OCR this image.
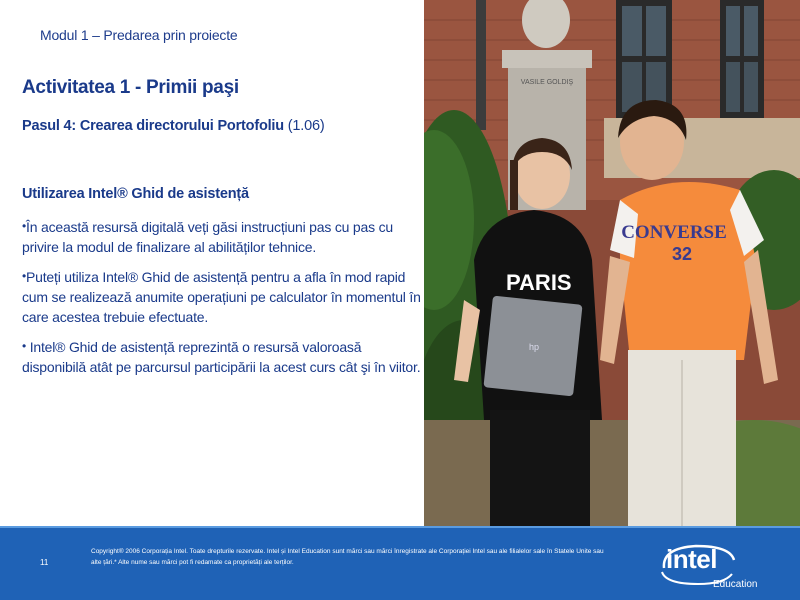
Modul 1 – Predarea prin proiecte
Activitatea 1 - Primii paşi
Pasul 4: Crearea directorului Portofoliu (1.06)
Utilizarea Intel® Ghid de asistență
•În această resursă digitală veți găsi instrucțiuni pas cu pas cu privire la modul de finalizare al abilităților tehnice.
•Puteți utiliza Intel® Ghid de asistență pentru a afla în mod rapid cum se realizează anumite operațiuni pe calculator în momentul în care acestea trebuie efectuate.
• Intel® Ghid de asistență reprezintă o resursă valoroasă disponibilă atât pe parcursul participării la acest curs cât şi în viitor.
VASILE GOLDIŞ
PARIS
hp
CONVERSE
32
11
Copyright® 2006 Corporația Intel. Toate drepturile rezervate. Intel și Intel Education sunt mărci sau mărci înregistrate ale Corporației Intel sau ale filialelor sale în Statele Unite sau alte țări.* Alte nume sau mărci pot fi redamate ca proprietăți ale terților.	intel
Education
